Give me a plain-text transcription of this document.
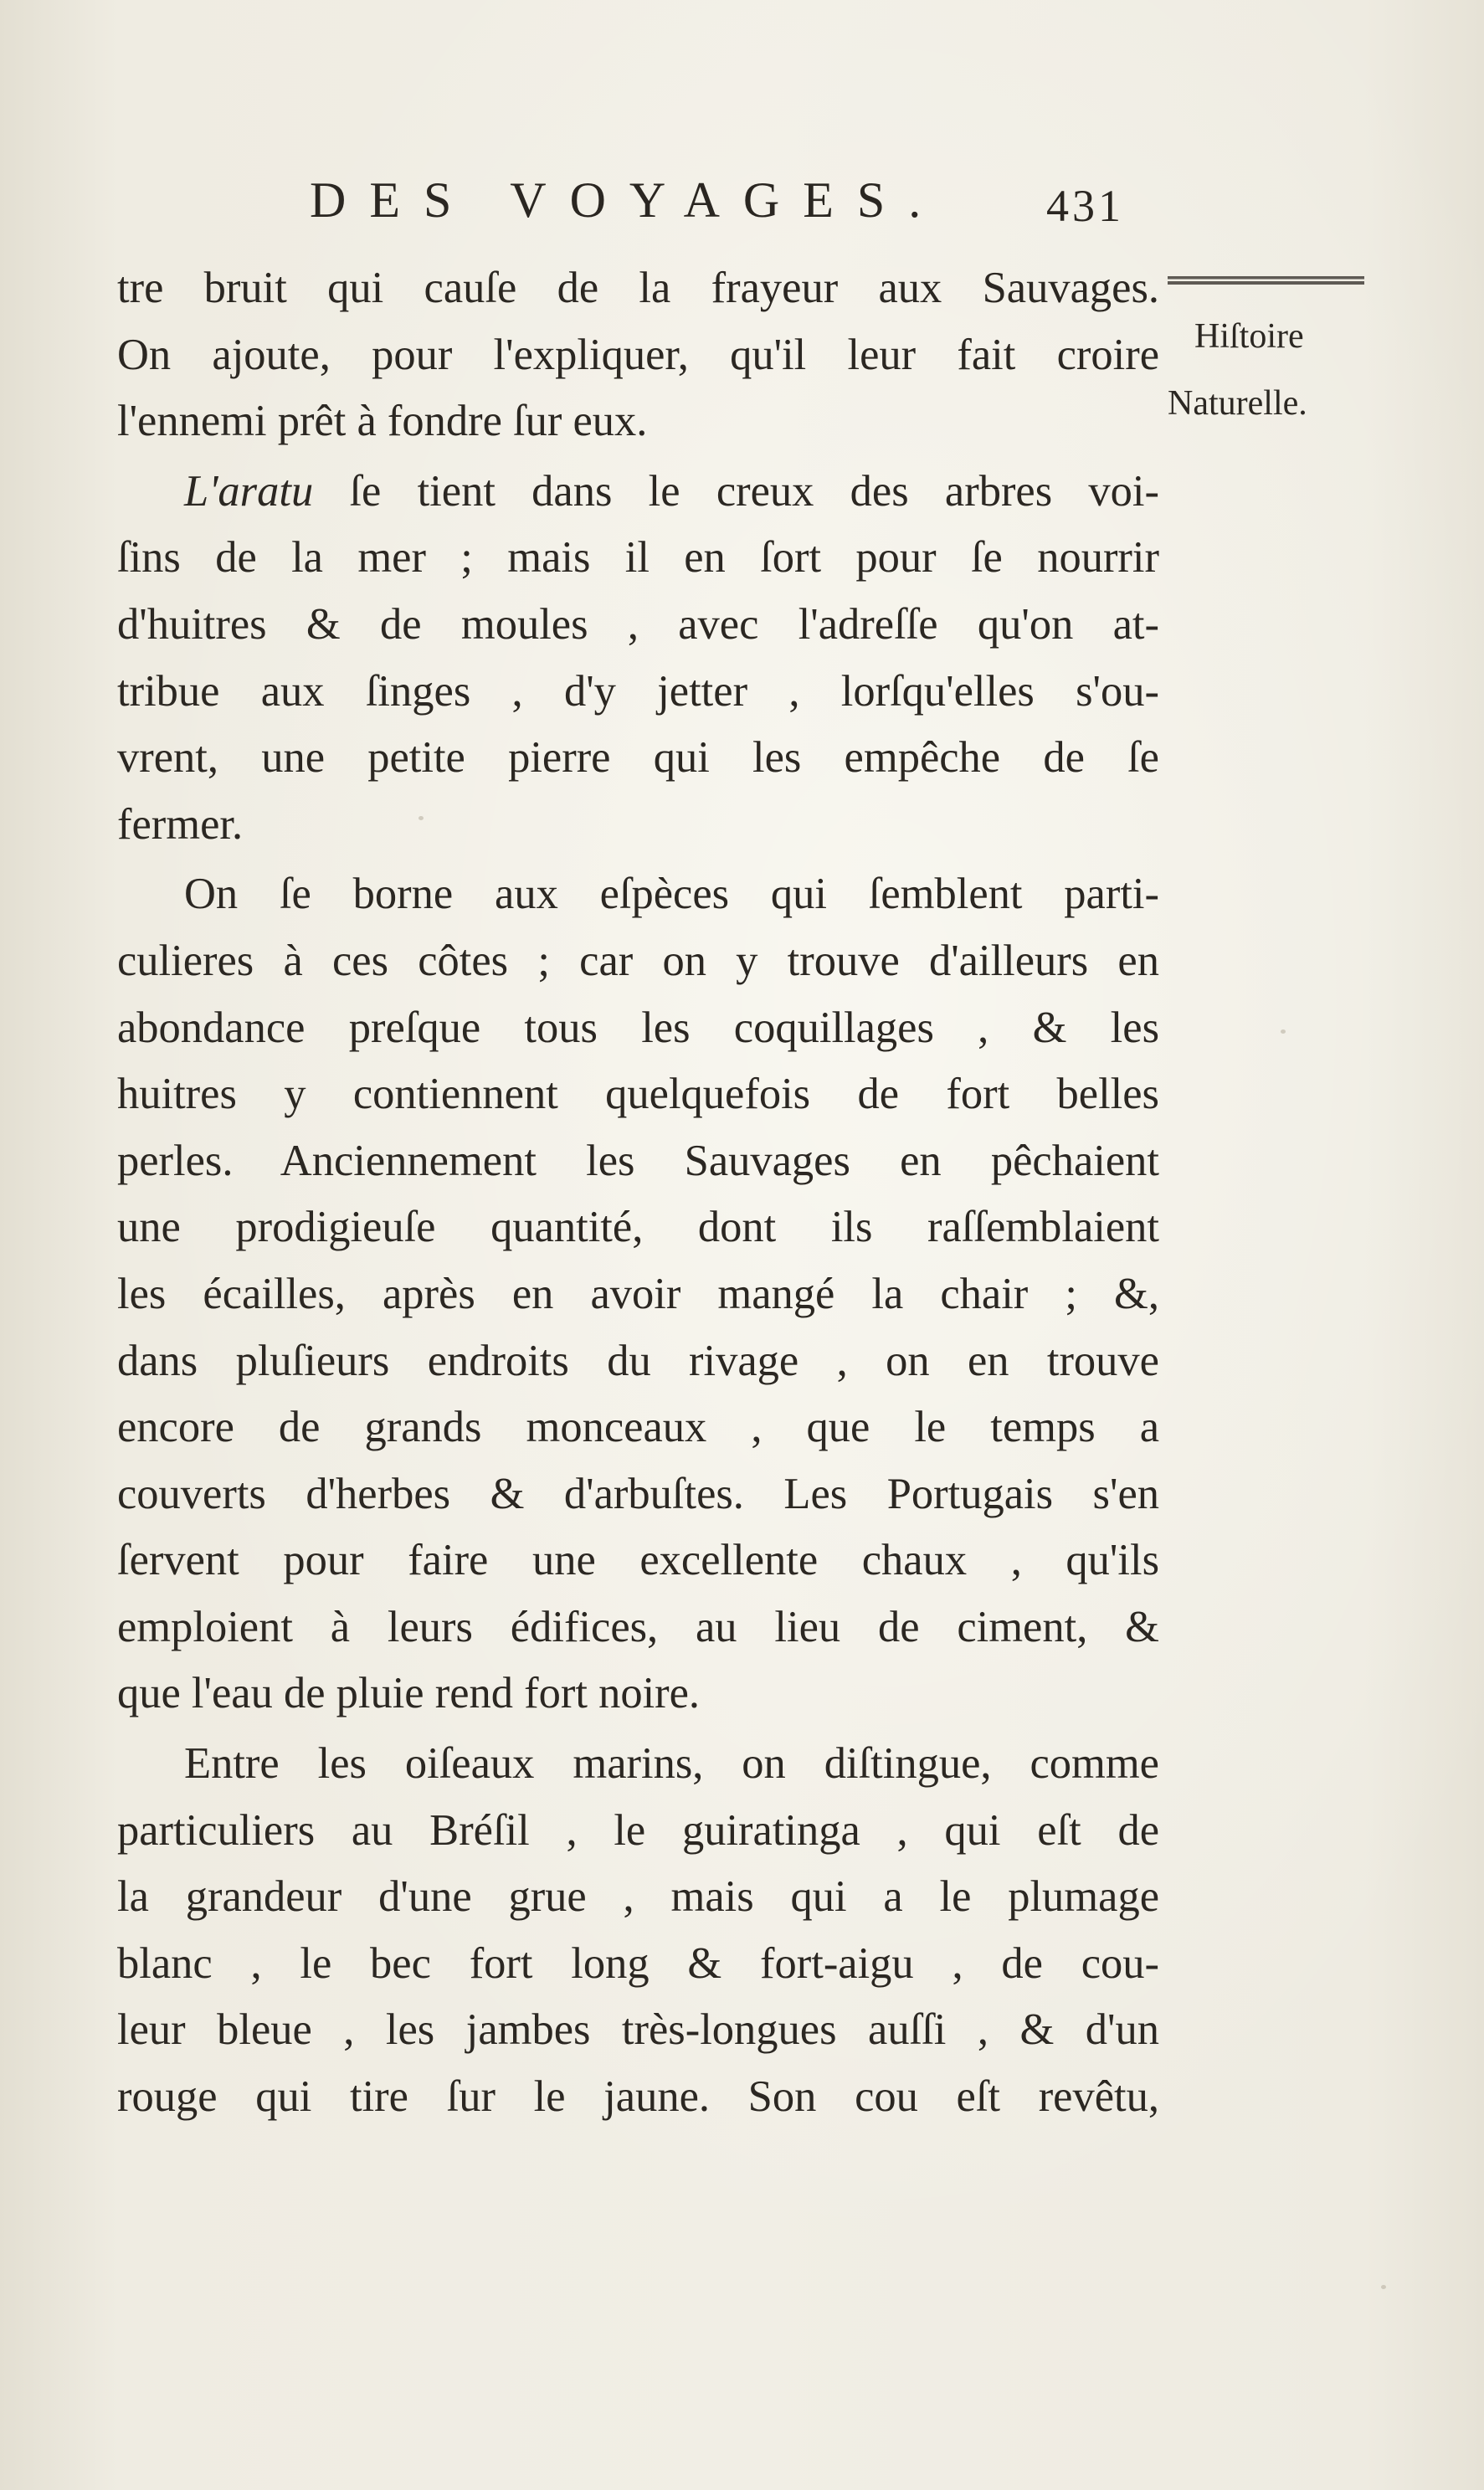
DES VOYAGES. 431
Hiſtoire
Naturelle.
tre bruit qui cauſe de la frayeur aux Sauvages.
On ajoute, pour l'expliquer, qu'il leur fait croire
l'ennemi prêt à fondre ſur eux.
L'aratu ſe tient dans le creux des arbres voi-
ſins de la mer ; mais il en ſort pour ſe nourrir
d'huitres & de moules , avec l'adreſſe qu'on at-
tribue aux ſinges , d'y jetter , lorſqu'elles s'ou-
vrent, une petite pierre qui les empêche de ſe
fermer.
On ſe borne aux eſpèces qui ſemblent parti-
culieres à ces côtes ; car on y trouve d'ailleurs en
abondance preſque tous les coquillages , & les
huitres y contiennent quelquefois de fort belles
perles. Anciennement les Sauvages en pêchaient
une prodigieuſe quantité, dont ils raſſemblaient
les écailles, après en avoir mangé la chair ; &,
dans pluſieurs endroits du rivage , on en trouve
encore de grands monceaux , que le temps a
couverts d'herbes & d'arbuſtes. Les Portugais s'en
ſervent pour faire une excellente chaux , qu'ils
emploient à leurs édifices, au lieu de ciment, &
que l'eau de pluie rend fort noire.
Entre les oiſeaux marins, on diſtingue, comme
particuliers au Bréſil , le guiratinga , qui eſt de
la grandeur d'une grue , mais qui a le plumage
blanc , le bec fort long & fort-aigu , de cou-
leur bleue , les jambes très-longues auſſi , & d'un
rouge qui tire ſur le jaune. Son cou eſt revêtu,
